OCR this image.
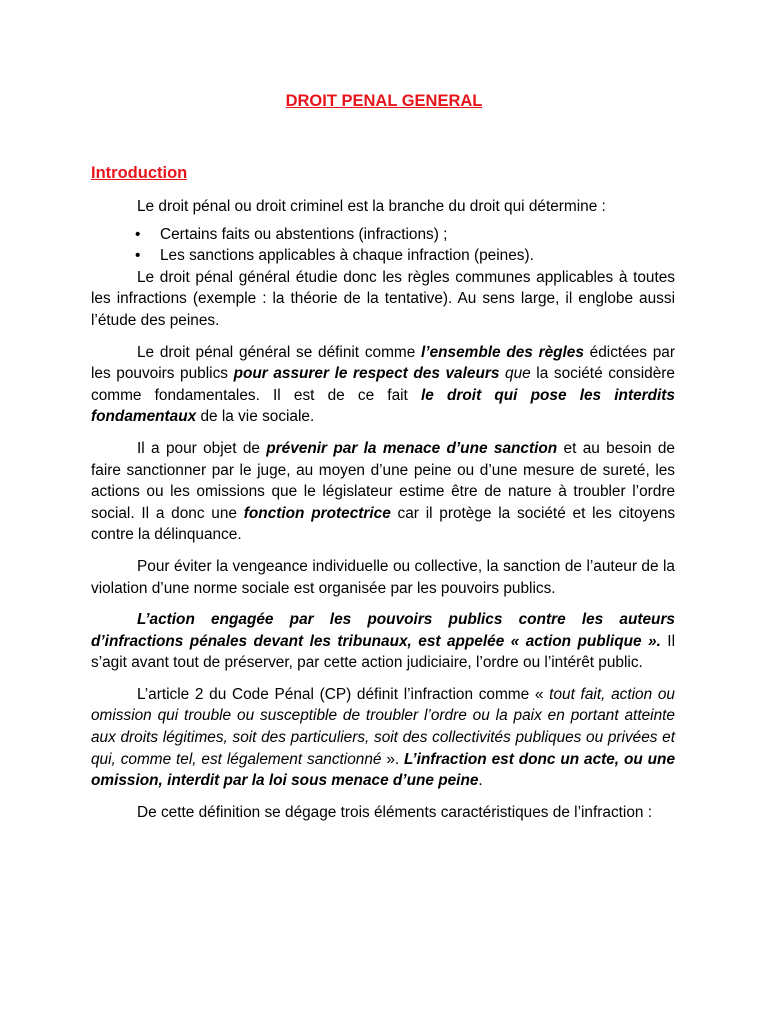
DROIT PENAL GENERAL
Introduction

Le droit pénal ou droit criminel est la branche du droit qui détermine :

• Certains faits ou abstentions (infractions) ;
• Les sanctions applicables à chaque infraction (peines).

Le droit pénal général étudie donc les règles communes applicables à toutes les infractions (exemple : la théorie de la tentative). Au sens large, il englobe aussi l’étude des peines.

Le droit pénal général se définit comme l’ensemble des règles édictées par les pouvoirs publics pour assurer le respect des valeurs que la société considère comme fondamentales. Il est de ce fait le droit qui pose les interdits fondamentaux de la vie sociale.

Il a pour objet de prévenir par la menace d’une sanction et au besoin de faire sanctionner par le juge, au moyen d’une peine ou d’une mesure de sureté, les actions ou les omissions que le législateur estime être de nature à troubler l’ordre social. Il a donc une fonction protectrice car il protège la société et les citoyens contre la délinquance.

Pour éviter la vengeance individuelle ou collective, la sanction de l’auteur de la violation d’une norme sociale est organisée par les pouvoirs publics.

L’action engagée par les pouvoirs publics contre les auteurs d’infractions pénales devant les tribunaux, est appelée « action publique ». Il s’agit avant tout de préserver, par cette action judiciaire, l’ordre ou l’intérêt public.

L’article 2 du Code Pénal (CP) définit l’infraction comme « tout fait, action ou omission qui trouble ou susceptible de troubler l’ordre ou la paix en portant atteinte aux droits légitimes, soit des particuliers, soit des collectivités publiques ou privées et qui, comme tel, est légalement sanctionné ». L’infraction est donc un acte, ou une omission, interdit par la loi sous menace d’une peine.

De cette définition se dégage trois éléments caractéristiques de l’infraction :
